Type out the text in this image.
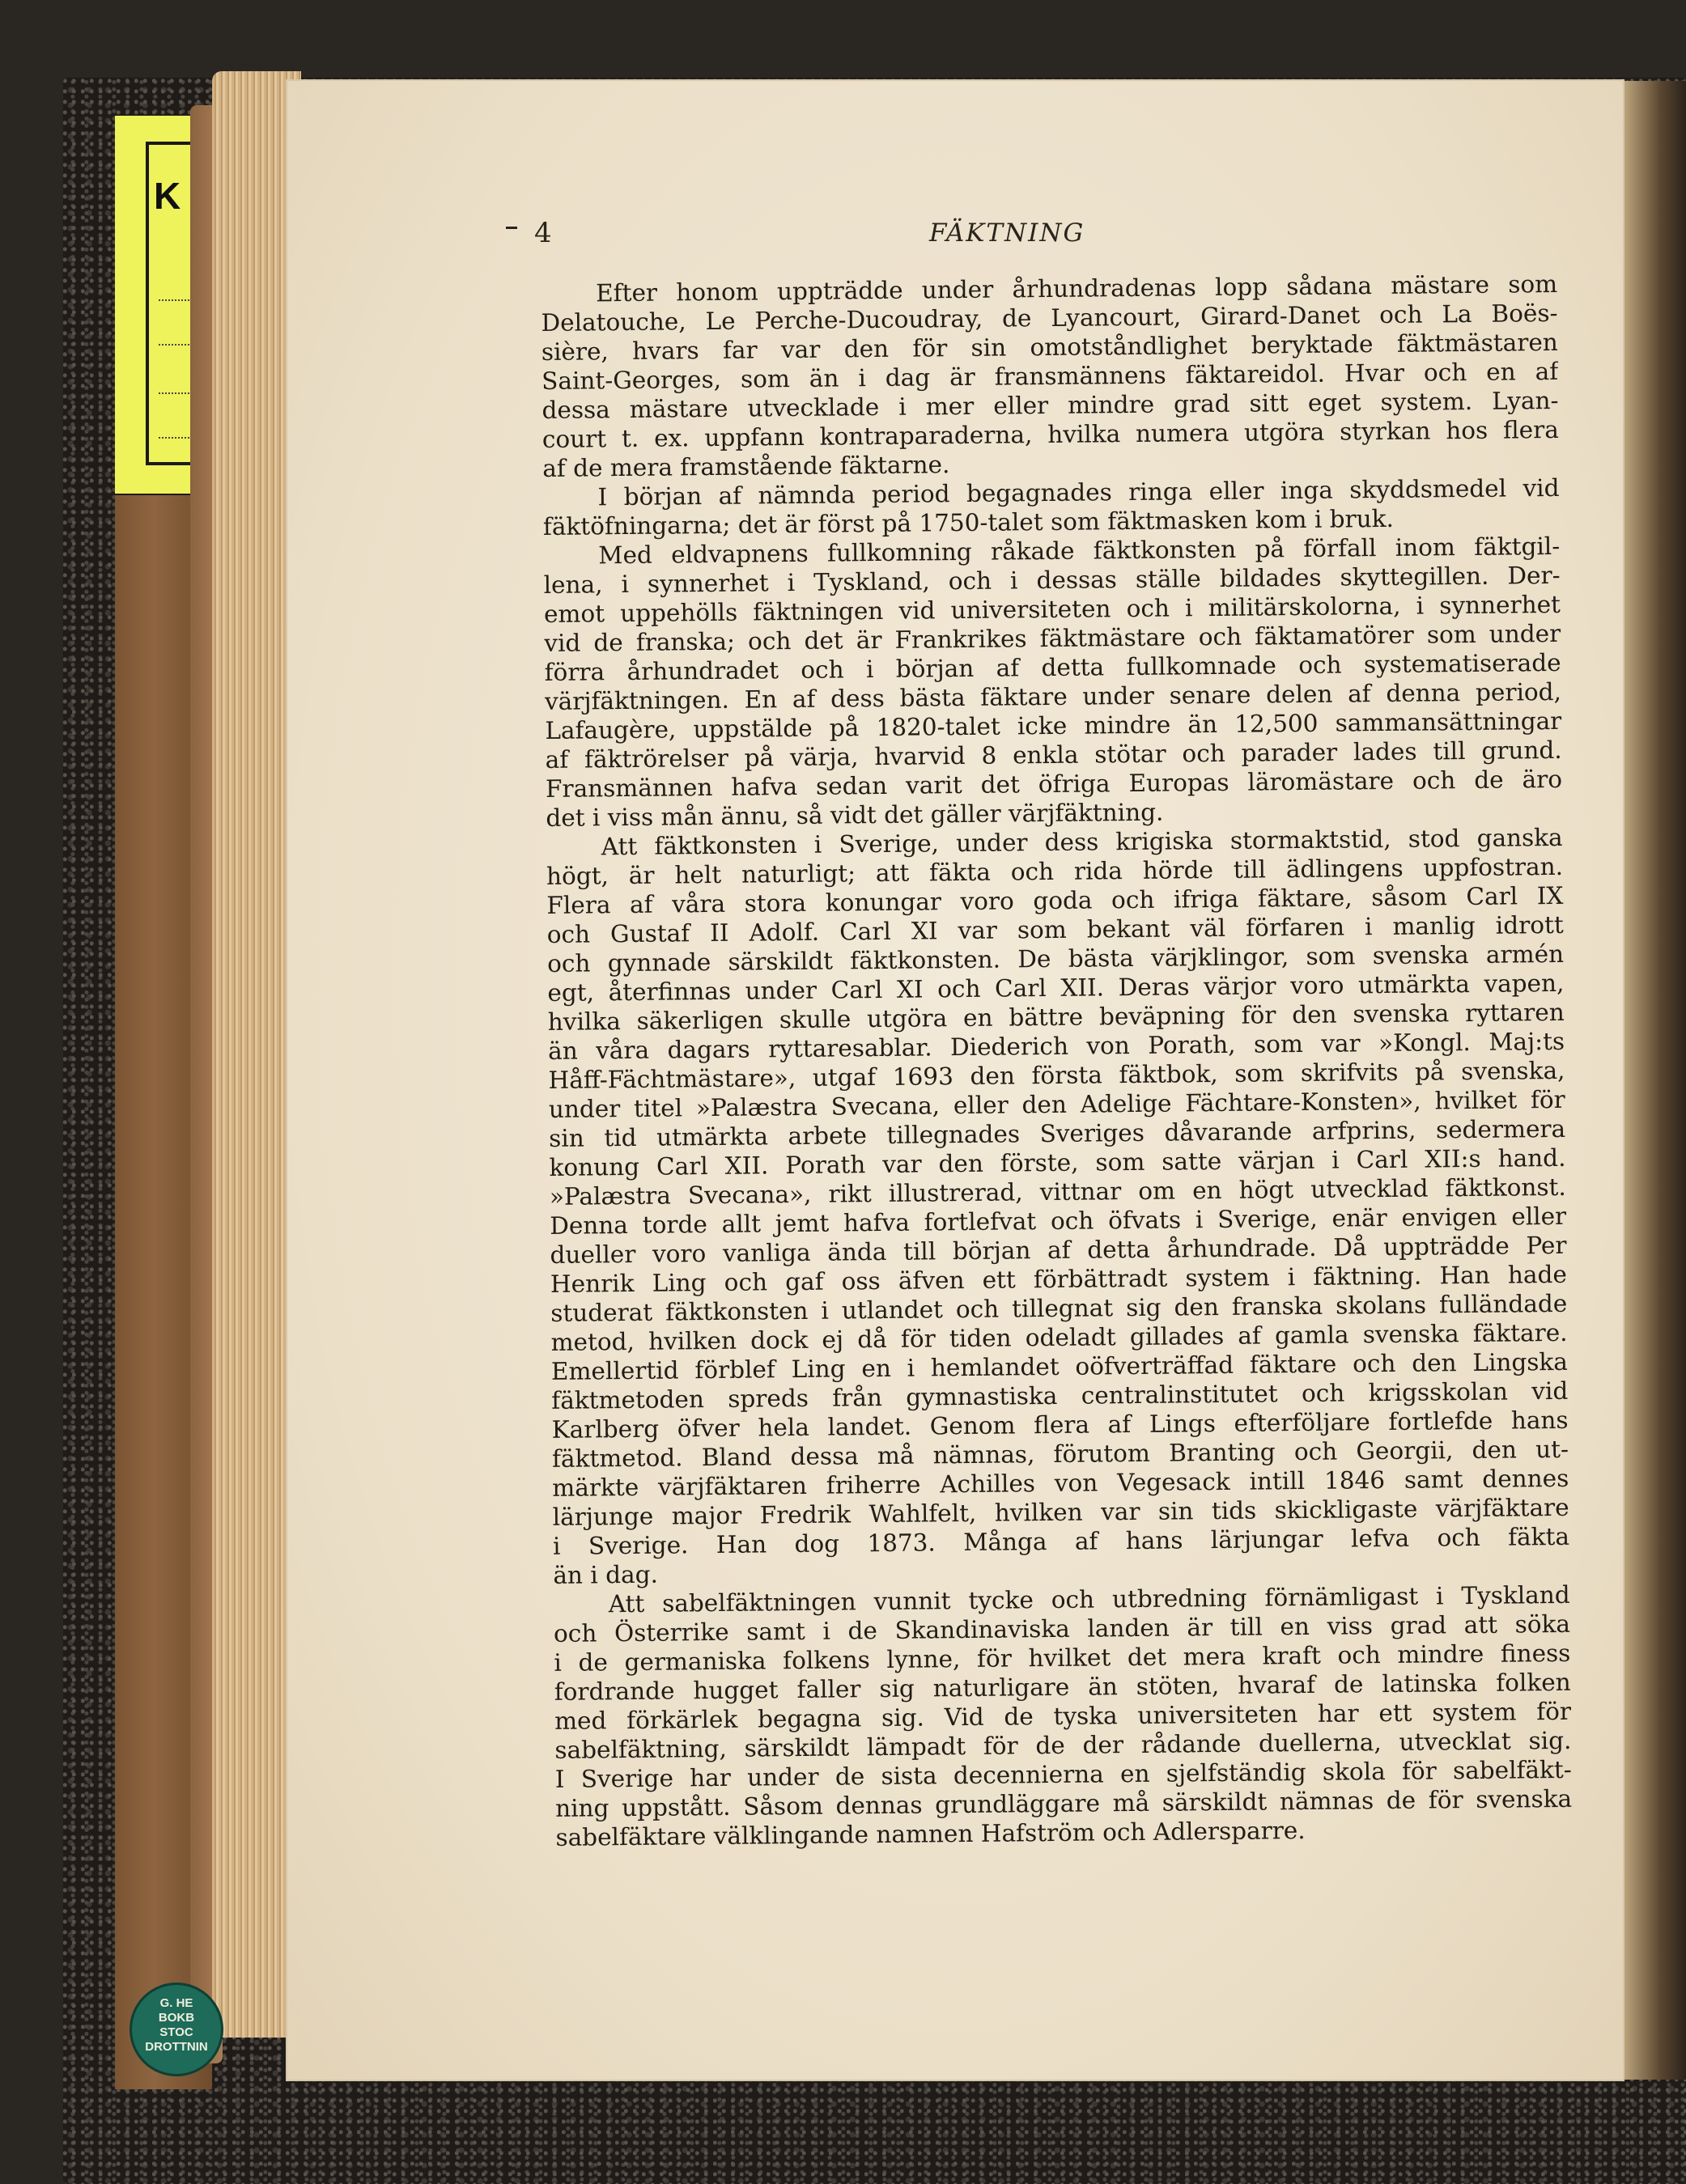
K
4	FÄKTNING
Efter honom uppträdde under århundradenas lopp sådana mästare som
Delatouche, Le Perche-Ducoudray, de Lyancourt, Girard-Danet och La Boës-
sière, hvars far var den för sin omotståndlighet beryktade fäktmästaren
Saint-Georges, som än i dag är fransmännens fäktareidol. Hvar och en af
dessa mästare utvecklade i mer eller mindre grad sitt eget system. Lyan-
court t. ex. uppfann kontraparaderna, hvilka numera utgöra styrkan hos flera
af de mera framstående fäktarne.
I början af nämnda period begagnades ringa eller inga skyddsmedel vid
fäktöfningarna; det är först på 1750-talet som fäktmasken kom i bruk.
Med eldvapnens fullkomning råkade fäktkonsten på förfall inom fäktgil-
lena, i synnerhet i Tyskland, och i dessas ställe bildades skyttegillen. Der-
emot uppehölls fäktningen vid universiteten och i militärskolorna, i synnerhet
vid de franska; och det är Frankrikes fäktmästare och fäktamatörer som under
förra århundradet och i början af detta fullkomnade och systematiserade
värjfäktningen. En af dess bästa fäktare under senare delen af denna period,
Lafaugère, uppstälde på 1820-talet icke mindre än 12,500 sammansättningar
af fäktrörelser på värja, hvarvid 8 enkla stötar och parader lades till grund.
Fransmännen hafva sedan varit det öfriga Europas läromästare och de äro
det i viss mån ännu, så vidt det gäller värjfäktning.
Att fäktkonsten i Sverige, under dess krigiska stormaktstid, stod ganska
högt, är helt naturligt; att fäkta och rida hörde till ädlingens uppfostran.
Flera af våra stora konungar voro goda och ifriga fäktare, såsom Carl IX
och Gustaf II Adolf. Carl XI var som bekant väl förfaren i manlig idrott
och gynnade särskildt fäktkonsten. De bästa värjklingor, som svenska armén
egt, återfinnas under Carl XI och Carl XII. Deras värjor voro utmärkta vapen,
hvilka säkerligen skulle utgöra en bättre beväpning för den svenska ryttaren
än våra dagars ryttaresablar. Diederich von Porath, som var »Kongl. Maj:ts
Håff-Fächtmästare», utgaf 1693 den första fäktbok, som skrifvits på svenska,
under titel »Palæstra Svecana, eller den Adelige Fächtare-Konsten», hvilket för
sin tid utmärkta arbete tillegnades Sveriges dåvarande arfprins, sedermera
konung Carl XII. Porath var den förste, som satte värjan i Carl XII:s hand.
»Palæstra Svecana», rikt illustrerad, vittnar om en högt utvecklad fäktkonst.
Denna torde allt jemt hafva fortlefvat och öfvats i Sverige, enär envigen eller
dueller voro vanliga ända till början af detta århundrade. Då uppträdde Per
Henrik Ling och gaf oss äfven ett förbättradt system i fäktning. Han hade
studerat fäktkonsten i utlandet och tillegnat sig den franska skolans fulländade
metod, hvilken dock ej då för tiden odeladt gillades af gamla svenska fäktare.
Emellertid förblef Ling en i hemlandet oöfverträffad fäktare och den Lingska
fäktmetoden spreds från gymnastiska centralinstitutet och krigsskolan vid
Karlberg öfver hela landet. Genom flera af Lings efterföljare fortlefde hans
fäktmetod. Bland dessa må nämnas, förutom Branting och Georgii, den ut-
märkte värjfäktaren friherre Achilles von Vegesack intill 1846 samt dennes
lärjunge major Fredrik Wahlfelt, hvilken var sin tids skickligaste värjfäktare
i Sverige. Han dog 1873. Många af hans lärjungar lefva och fäkta
än i dag.
Att sabelfäktningen vunnit tycke och utbredning förnämligast i Tyskland
och Österrike samt i de Skandinaviska landen är till en viss grad att söka
i de germaniska folkens lynne, för hvilket det mera kraft och mindre finess
fordrande hugget faller sig naturligare än stöten, hvaraf de latinska folken
med förkärlek begagna sig. Vid de tyska universiteten har ett system för
sabelfäktning, särskildt lämpadt för de der rådande duellerna, utvecklat sig.
I Sverige har under de sista decennierna en sjelfständig skola för sabelfäkt-
ning uppstått. Såsom dennas grundläggare må särskildt nämnas de för svenska
sabelfäktare välklingande namnen Hafström och Adlersparre.
G. HE
BOKB
STOC
DROTTNIN
